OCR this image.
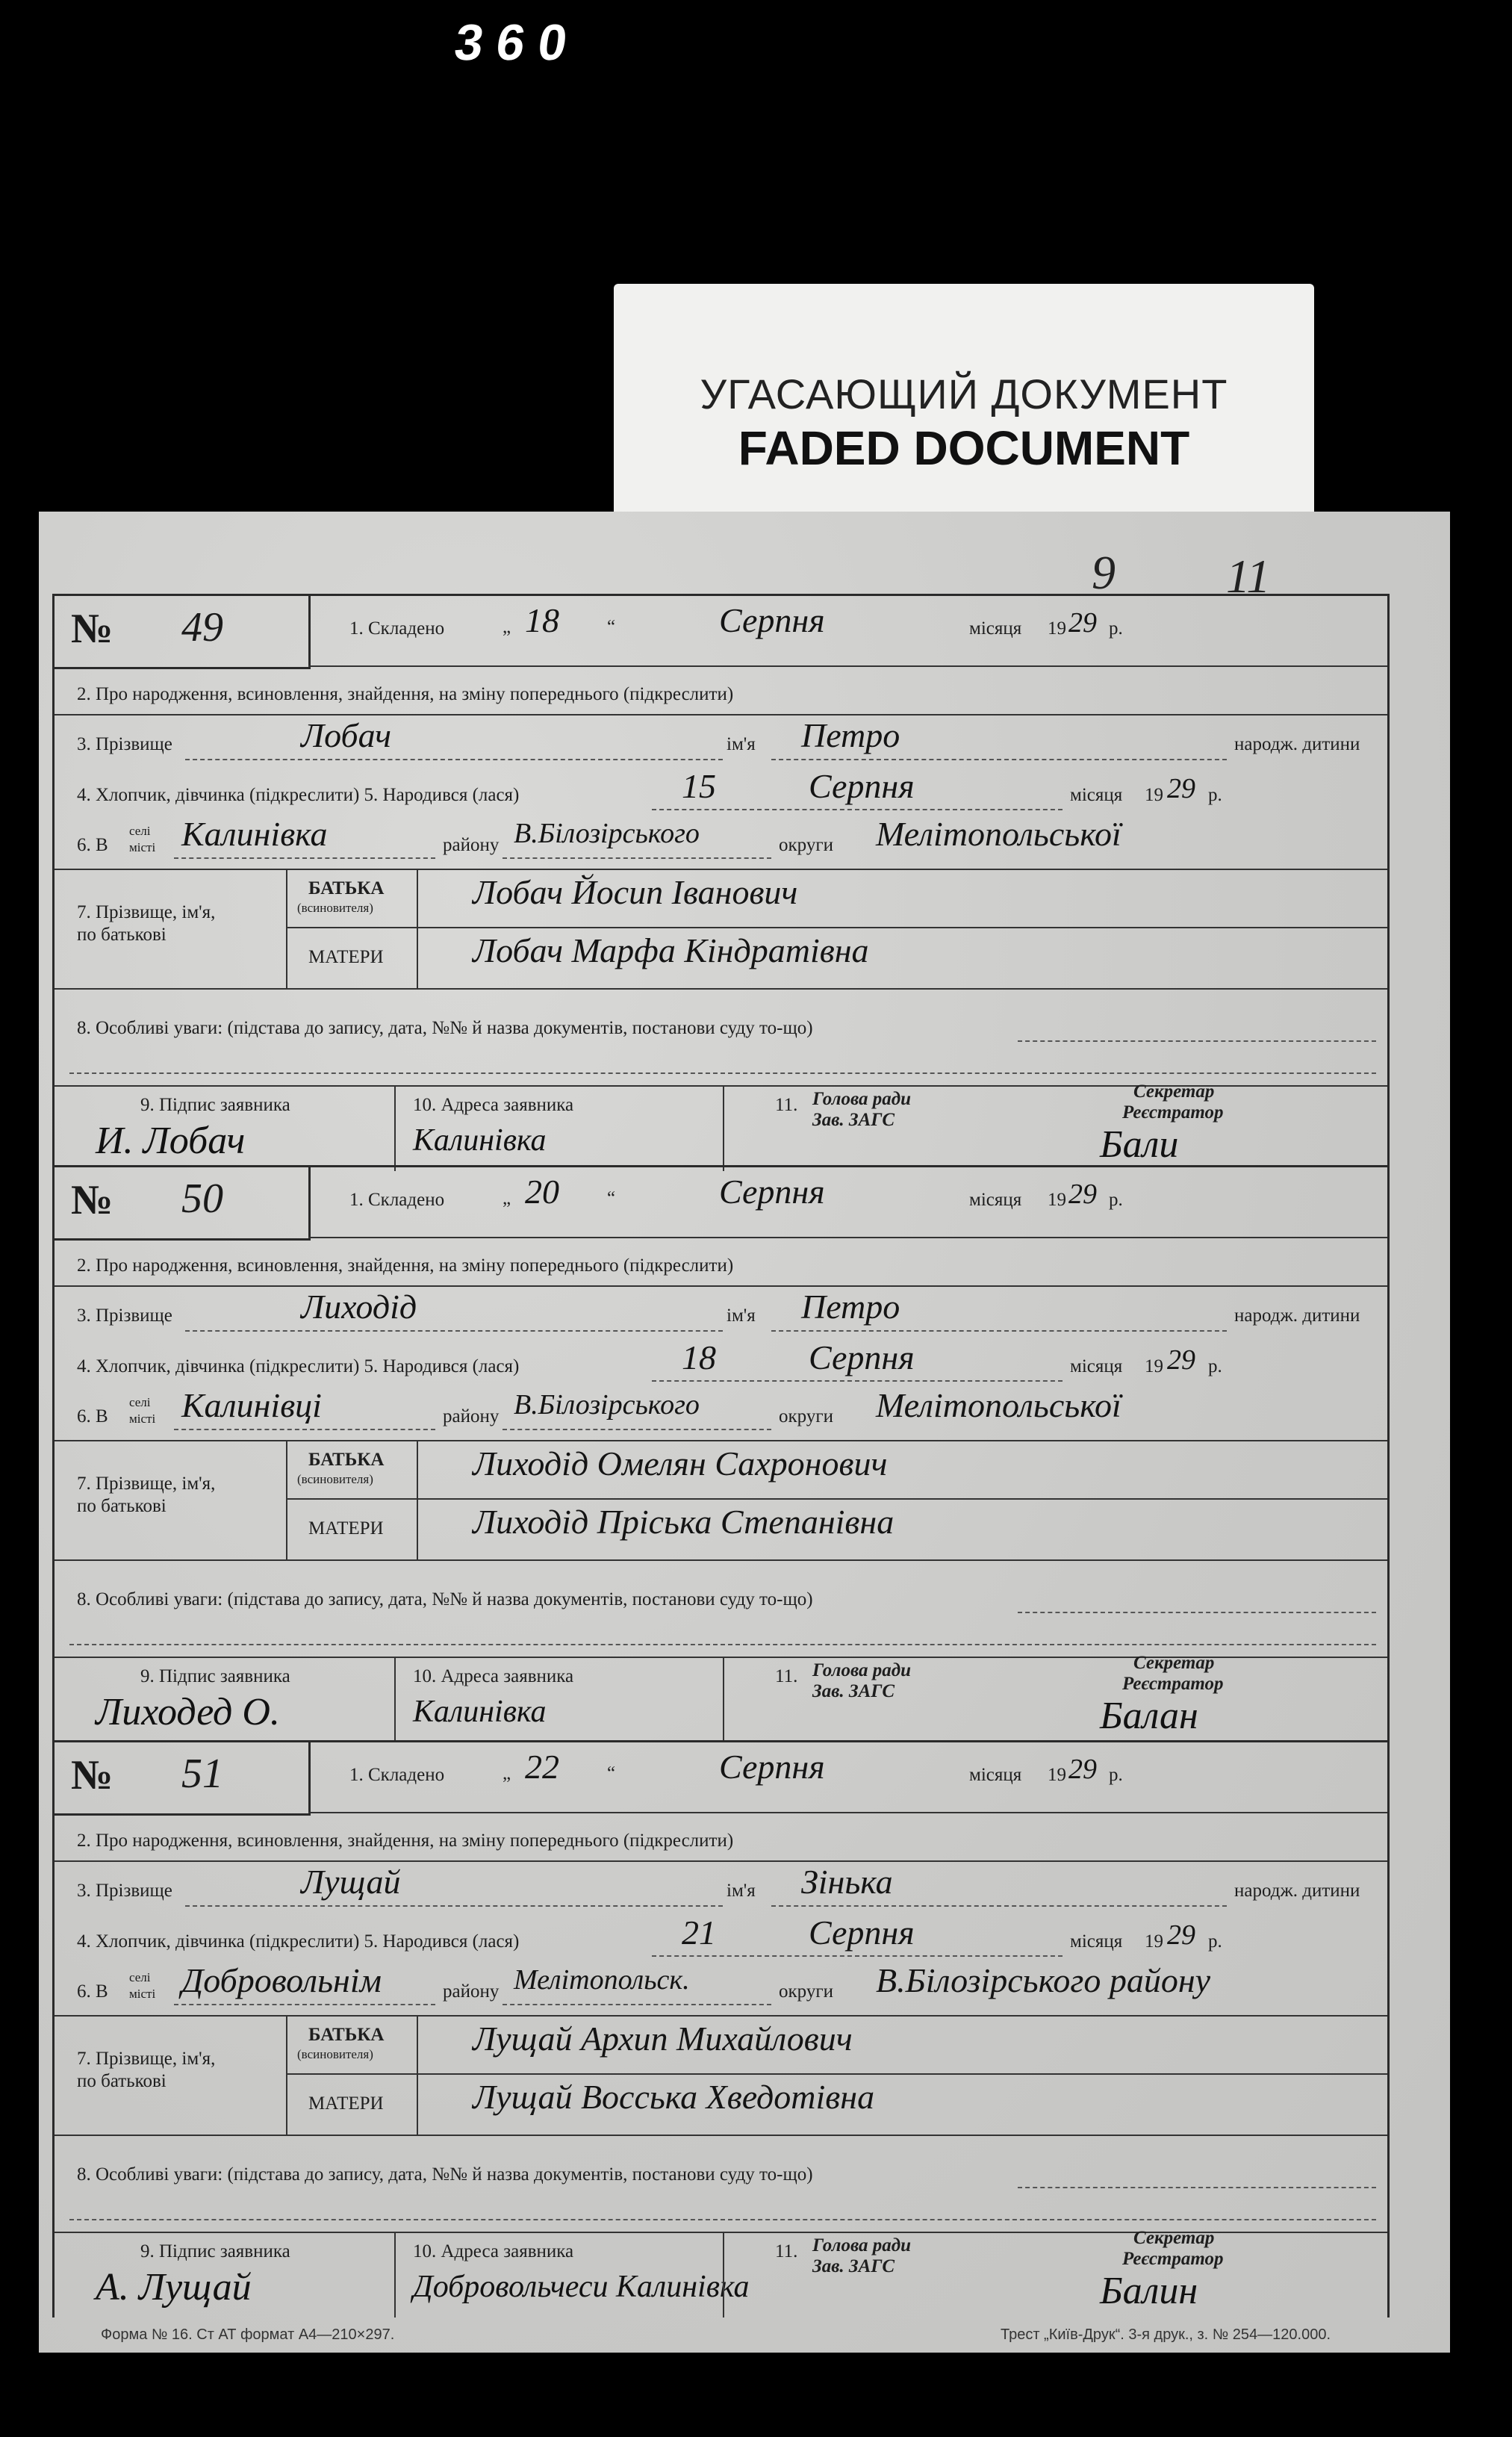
360
УГАСАЮЩИЙ ДОКУМЕНТ
FADED DOCUMENT
9 11
№ 49	1. Складено	„ 18	“	Серпня	місяця 19 29 р.
2. Про народження, всиновлення, знайдення, на зміну попереднього (підкреслити)
3. Прізвище	Лобач	ім'я Петро	народж. дитини
4. Хлопчик, дівчинка (підкреслити) 5. Народився (лася)	15	Серпня	місяця 19 29 р.
6. В
селі
місті Калинівка	району В.Білозірського	округи Мелітопольської
7. Прізвище, ім'я,
по батькові
БАТЬКА
(всиновителя)	Лобач Йосип Іванович
МАТЕРИ	Лобач Марфа Кіндратівна
8. Особливі уваги: (підстава до запису, дата, №№ й назва документів, постанови суду то-що)
9. Підпис заявника
И. Лобач
10. Адреса заявника
Калинівка
11. Голова ради
Зав. ЗАГС
Секретар
Реєстратор
Бали
№ 50	1. Складено	„ 20	“	Серпня	місяця 19 29 р.
2. Про народження, всиновлення, знайдення, на зміну попереднього (підкреслити)
3. Прізвище	Лиходід	ім'я Петро	народж. дитини
4. Хлопчик, дівчинка (підкреслити) 5. Народився (лася)	18	Серпня	місяця 19 29 р.
6. В
селі
місті Калинівці	району В.Білозірського	округи Мелітопольської
7. Прізвище, ім'я,
по батькові
БАТЬКА
(всиновителя)	Лиходід Омелян Сахронович
МАТЕРИ	Лиходід Пріська Степанівна
8. Особливі уваги: (підстава до запису, дата, №№ й назва документів, постанови суду то-що)
9. Підпис заявника
Лиходед О.
10. Адреса заявника
Калинівка
11. Голова ради
Зав. ЗАГС
Секретар
Реєстратор
Балан
№ 51	1. Складено	„ 22	“	Серпня	місяця 19 29 р.
2. Про народження, всиновлення, знайдення, на зміну попереднього (підкреслити)
3. Прізвище	Лущай	ім'я Зінька	народж. дитини
4. Хлопчик, дівчинка (підкреслити) 5. Народився (лася)	21	Серпня	місяця 19 29 р.
6. В
селі
місті Добровольнім	району Мелітопольск.	округи В.Білозірського району
7. Прізвище, ім'я,
по батькові
БАТЬКА
(всиновителя)	Лущай Архип Михайлович
МАТЕРИ	Лущай Восська Хведотівна
8. Особливі уваги: (підстава до запису, дата, №№ й назва документів, постанови суду то-що)
9. Підпис заявника
А. Лущай
10. Адреса заявника
Добровольчеси Калинівка
11. Голова ради
Зав. ЗАГС
Секретар
Реєстратор
Балин
Форма № 16. Ст АТ формат А4—210×297.	Трест „Київ-Друк“. 3-я друк., з. № 254—120.000.
